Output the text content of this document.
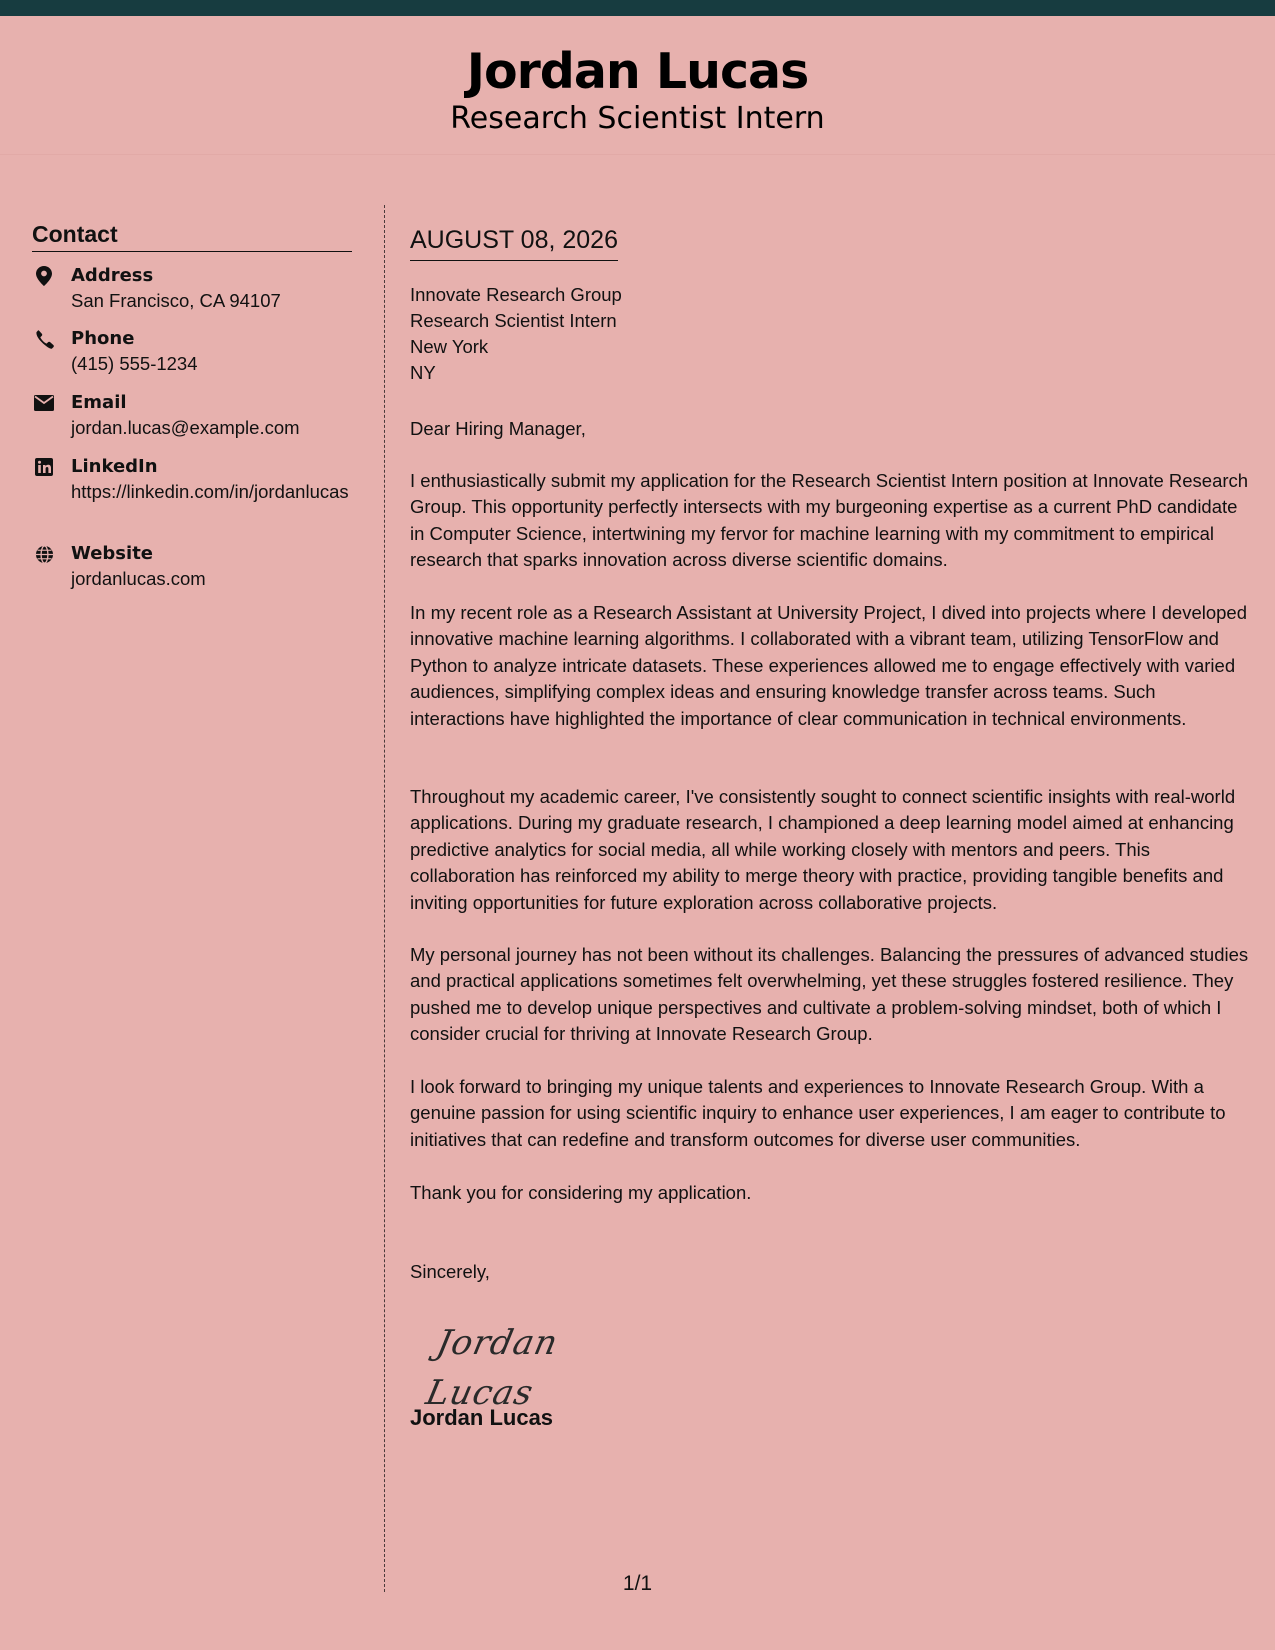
Jordan Lucas
Research Scientist Intern
Contact
Address
San Francisco, CA 94107
Phone
(415) 555-1234
Email
jordan.lucas@example.com
LinkedIn
https://linkedin.com/in/jordanlucas
Website
jordanlucas.com
AUGUST 08, 2026
Innovate Research Group
Research Scientist Intern
New York
NY
Dear Hiring Manager,

I enthusiastically submit my application for the Research Scientist Intern position at Innovate Research Group. This opportunity perfectly intersects with my burgeoning expertise as a current PhD candidate in Computer Science, intertwining my fervor for machine learning with my commitment to empirical research that sparks innovation across diverse scientific domains.

In my recent role as a Research Assistant at University Project, I dived into projects where I developed innovative machine learning algorithms. I collaborated with a vibrant team, utilizing TensorFlow and Python to analyze intricate datasets. These experiences allowed me to engage effectively with varied audiences, simplifying complex ideas and ensuring knowledge transfer across teams. Such interactions have highlighted the importance of clear communication in technical environments.

Throughout my academic career, I've consistently sought to connect scientific insights with real-world applications. During my graduate research, I championed a deep learning model aimed at enhancing predictive analytics for social media, all while working closely with mentors and peers. This collaboration has reinforced my ability to merge theory with practice, providing tangible benefits and inviting opportunities for future exploration across collaborative projects.

My personal journey has not been without its challenges. Balancing the pressures of advanced studies and practical applications sometimes felt overwhelming, yet these struggles fostered resilience. They pushed me to develop unique perspectives and cultivate a problem-solving mindset, both of which I consider crucial for thriving at Innovate Research Group.

I look forward to bringing my unique talents and experiences to Innovate Research Group. With a genuine passion for using scientific inquiry to enhance user experiences, I am eager to contribute to initiatives that can redefine and transform outcomes for diverse user communities.

Thank you for considering my application.
Sincerely,
Jordan Lucas
Jordan Lucas
1/1
